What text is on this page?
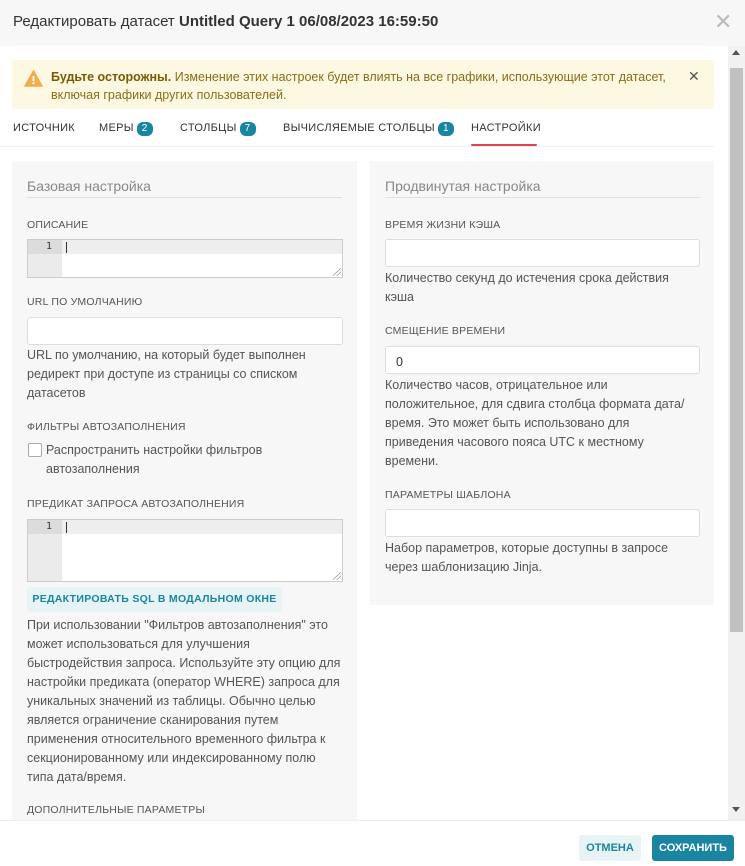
Редактировать датасет Untitled Query 1 06/08/2023 16:59:50	✕
Будьте осторожны. Изменение этих настроек будет влиять на все графики, использующие этот датасет, включая графики других пользователей.
✕
ИСТОЧНИК МЕРЫ 2	СТОЛБЦЫ 7	ВЫЧИСЛЯЕМЫЕ СТОЛБЦЫ 1	НАСТРОЙКИ
Базовая настройка
ОПИСАНИЕ
1
URL ПО УМОЛЧАНИЮ
URL по умолчанию, на который будет выполнен редирект при доступе из страницы со списком датасетов
ФИЛЬТРЫ АВТОЗАПОЛНЕНИЯ
Распространить настройки фильтров автозаполнения
ПРЕДИКАТ ЗАПРОСА АВТОЗАПОЛНЕНИЯ
1
При использовании "Фильтров автозаполнения" это может использоваться для улучшения быстродействия запроса. Используйте эту опцию для настройки предиката (оператор WHERE) запроса для уникальных значений из таблицы. Обычно целью является ограничение сканирования путем применения относительного временного фильтра к секционированному или индексированному полю типа дата/время.
ДОПОЛНИТЕЛЬНЫЕ ПАРАМЕТРЫ
РЕДАКТИРОВАТЬ SQL В МОДАЛЬНОМ ОКНЕ
Продвинутая настройка
ВРЕМЯ ЖИЗНИ КЭША
Количество секунд до истечения срока действия кэша
СМЕЩЕНИЕ ВРЕМЕНИ
0
Количество часов, отрицательное или положительное, для сдвига столбца формата дата/время. Это может быть использовано для приведения часового пояса UTC к местному времени.
ПАРАМЕТРЫ ШАБЛОНА
Набор параметров, которые доступны в запросе через шаблонизацию Jinja.
ОТМЕНА	СОХРАНИТЬ
